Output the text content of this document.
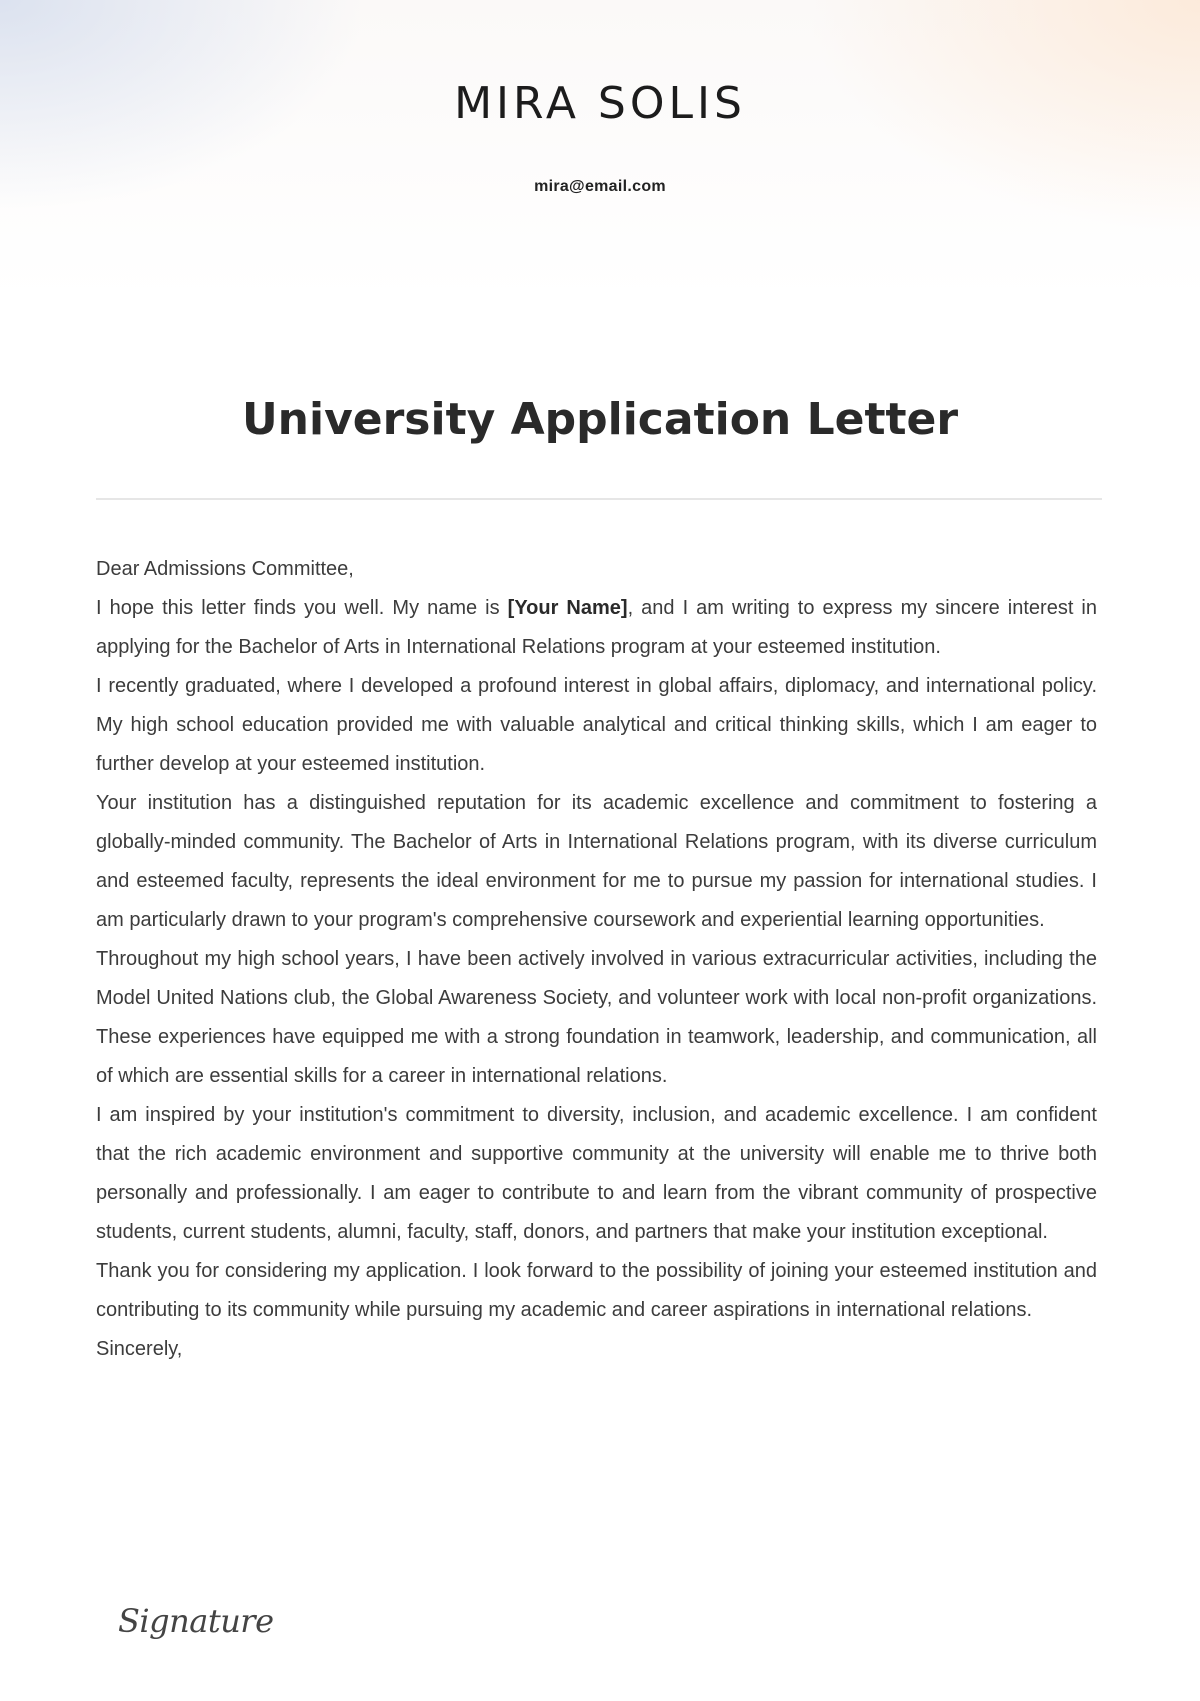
MIRA SOLIS
mira@email.com
University Application Letter

Dear Admissions Committee,

I hope this letter finds you well. My name is [Your Name], and I am writing to express my sincere interest in applying for the Bachelor of Arts in International Relations program at your esteemed institution.

I recently graduated, where I developed a profound interest in global affairs, diplomacy, and international policy. My high school education provided me with valuable analytical and critical thinking skills, which I am eager to further develop at your esteemed institution.

Your institution has a distinguished reputation for its academic excellence and commitment to fostering a globally-minded community. The Bachelor of Arts in International Relations program, with its diverse curriculum and esteemed faculty, represents the ideal environment for me to pursue my passion for international studies. I am particularly drawn to your program's comprehensive coursework and experiential learning opportunities.

Throughout my high school years, I have been actively involved in various extracurricular activities, including the Model United Nations club, the Global Awareness Society, and volunteer work with local non-profit organizations. These experiences have equipped me with a strong foundation in teamwork, leadership, and communication, all of which are essential skills for a career in international relations.

I am inspired by your institution's commitment to diversity, inclusion, and academic excellence. I am confident that the rich academic environment and supportive community at the university will enable me to thrive both personally and professionally. I am eager to contribute to and learn from the vibrant community of prospective students, current students, alumni, faculty, staff, donors, and partners that make your institution exceptional.

Thank you for considering my application. I look forward to the possibility of joining your esteemed institution and contributing to its community while pursuing my academic and career aspirations in international relations.

Sincerely,

Signature
